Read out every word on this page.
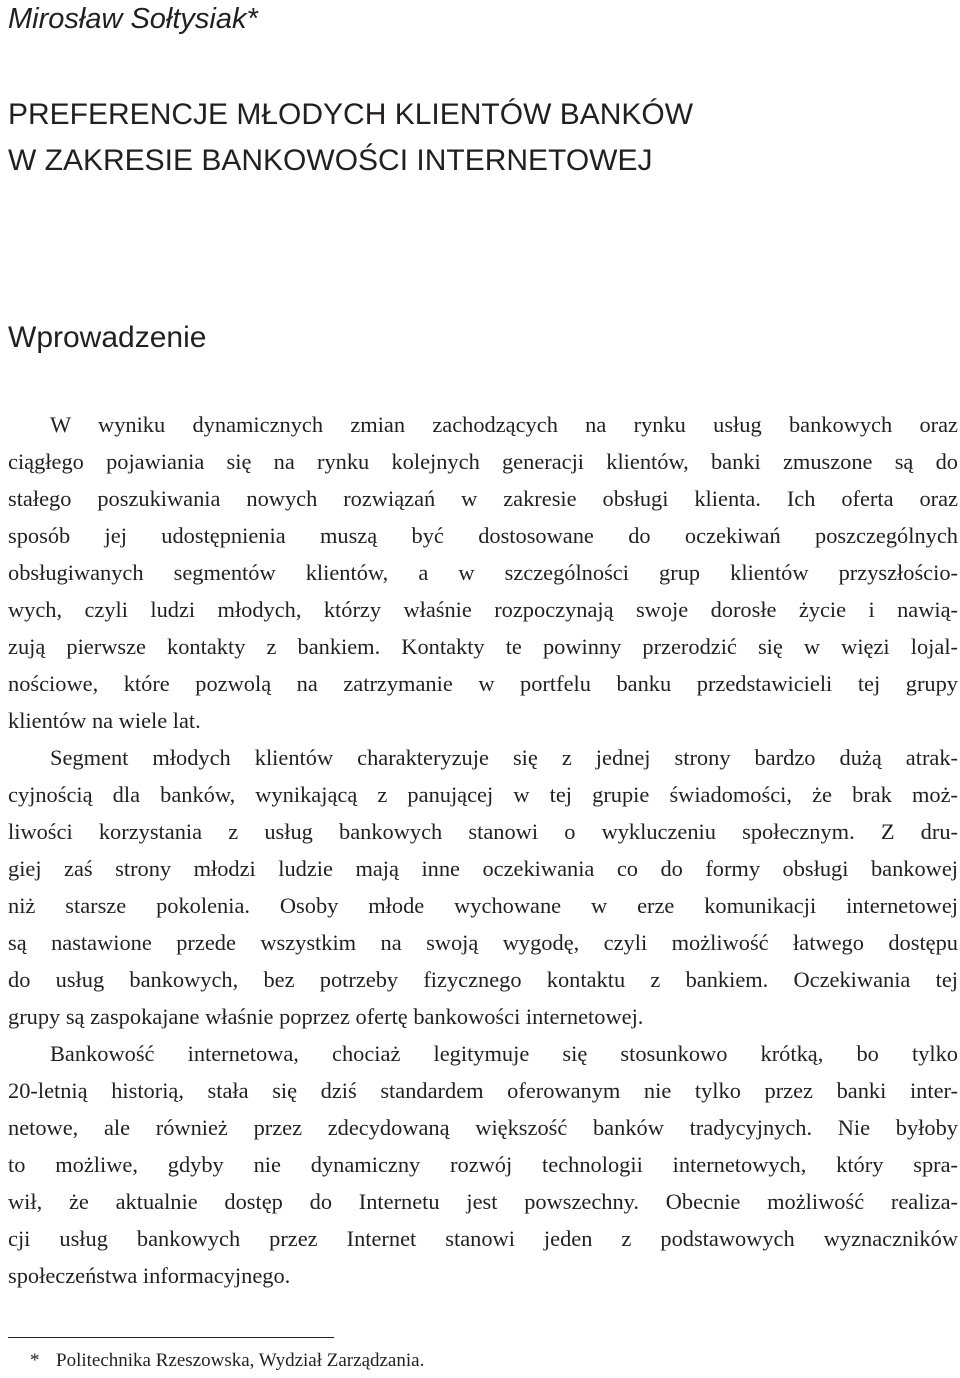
Mirosław Sołtysiak*

PREFERENCJE MŁODYCH KLIENTÓW BANKÓW
W ZAKRESIE BANKOWOŚCI INTERNETOWEJ
Wprowadzenie
W wyniku dynamicznych zmian zachodzących na rynku usług bankowych oraz
ciągłego pojawiania się na rynku kolejnych generacji klientów, banki zmuszone są do
stałego poszukiwania nowych rozwiązań w zakresie obsługi klienta. Ich oferta oraz
sposób jej udostępnienia muszą być dostosowane do oczekiwań poszczególnych
obsługiwanych segmentów klientów, a w szczególności grup klientów przyszłościo-
wych, czyli ludzi młodych, którzy właśnie rozpoczynają swoje dorosłe życie i nawią-
zują pierwsze kontakty z bankiem. Kontakty te powinny przerodzić się w więzi lojal-
nościowe, które pozwolą na zatrzymanie w portfelu banku przedstawicieli tej grupy
klientów na wiele lat.
Segment młodych klientów charakteryzuje się z jednej strony bardzo dużą atrak-
cyjnością dla banków, wynikającą z panującej w tej grupie świadomości, że brak moż-
liwości korzystania z usług bankowych stanowi o wykluczeniu społecznym. Z dru-
giej zaś strony młodzi ludzie mają inne oczekiwania co do formy obsługi bankowej
niż starsze pokolenia. Osoby młode wychowane w erze komunikacji internetowej
są nastawione przede wszystkim na swoją wygodę, czyli możliwość łatwego dostępu
do usług bankowych, bez potrzeby fizycznego kontaktu z bankiem. Oczekiwania tej
grupy są zaspokajane właśnie poprzez ofertę bankowości internetowej.
Bankowość internetowa, chociaż legitymuje się stosunkowo krótką, bo tylko
20-letnią historią, stała się dziś standardem oferowanym nie tylko przez banki inter-
netowe, ale również przez zdecydowaną większość banków tradycyjnych. Nie byłoby
to możliwe, gdyby nie dynamiczny rozwój technologii internetowych, który spra-
wił, że aktualnie dostęp do Internetu jest powszechny. Obecnie możliwość realiza-
cji usług bankowych przez Internet stanowi jeden z podstawowych wyznaczników
społeczeństwa informacyjnego.
* Politechnika Rzeszowska, Wydział Zarządzania.
